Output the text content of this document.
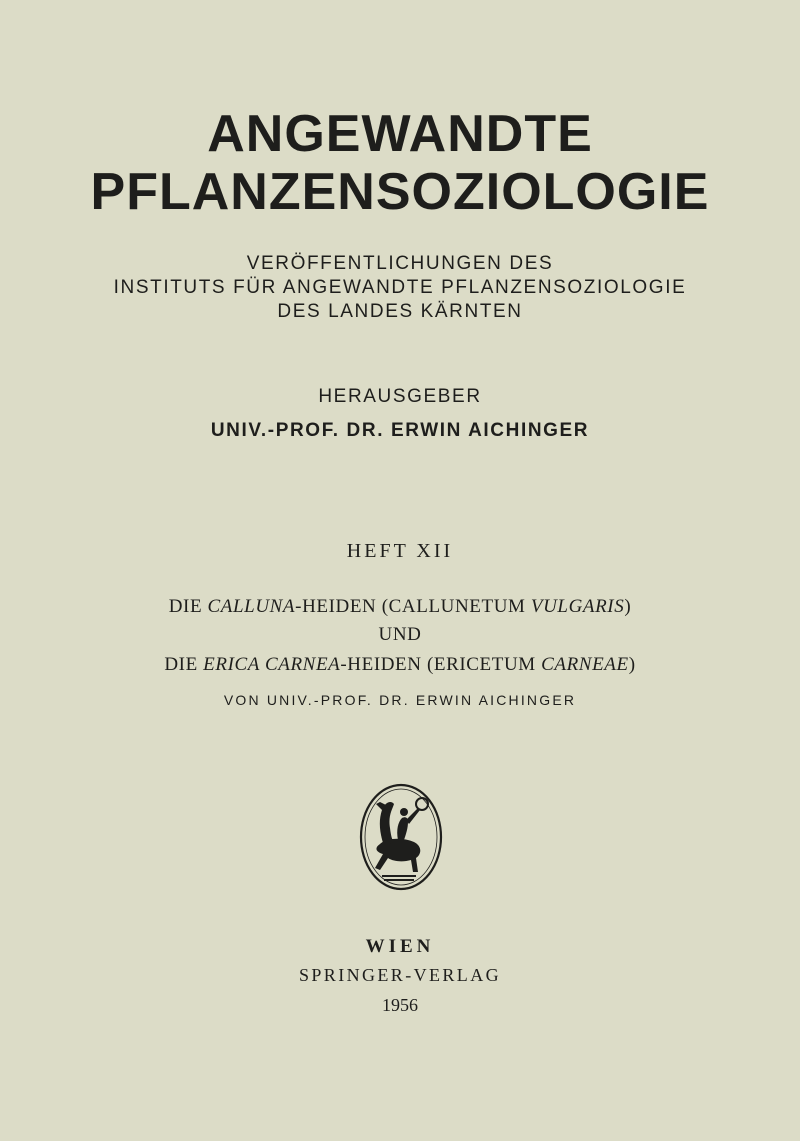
ANGEWANDTE

PFLANZENSOZIOLOGIE

VERÖFFENTLICHUNGEN DES

INSTITUTS FÜR ANGEWANDTE PFLANZENSOZIOLOGIE

DES LANDES KÄRNTEN

HERAUSGEBER

UNIV.-PROF. DR. ERWIN AICHINGER

HEFT XII

DIE CALLUNA-HEIDEN (CALLUNETUM VULGARIS)

UND

DIE ERICA CARNEA-HEIDEN (ERICETUM CARNEAE)

VON UNIV.-PROF. DR. ERWIN AICHINGER

WIEN

SPRINGER-VERLAG

1956
